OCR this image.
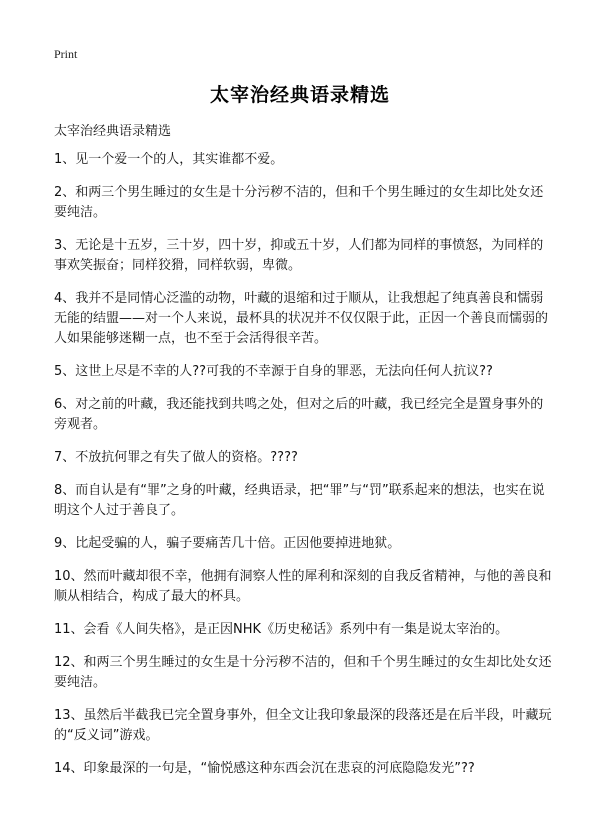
Print
太宰治经典语录精选

太宰治经典语录精选

1、见一个爱一个的人，其实谁都不爱。
2、和两三个男生睡过的女生是十分污秽不洁的，但和千个男生睡过的女生却比处女还要纯洁。
3、无论是十五岁，三十岁，四十岁，抑或五十岁，人们都为同样的事愤怒，为同样的事欢笑振奋；同样狡猾，同样软弱，卑微。
4、我并不是同情心泛滥的动物，叶藏的退缩和过于顺从，让我想起了纯真善良和懦弱无能的结盟——对一个人来说，最杯具的状况并不仅仅限于此，正因一个善良而懦弱的人如果能够迷糊一点，也不至于会活得很辛苦。
5、这世上尽是不幸的人??可我的不幸源于自身的罪恶，无法向任何人抗议??
6、对之前的叶藏，我还能找到共鸣之处，但对之后的叶藏，我已经完全是置身事外的旁观者。
7、不放抗何罪之有失了做人的资格。????
8、而自认是有“罪”之身的叶藏，经典语录，把“罪”与“罚”联系起来的想法，也实在说明这个人过于善良了。
9、比起受骗的人，骗子要痛苦几十倍。正因他要掉进地狱。
10、然而叶藏却很不幸，他拥有洞察人性的犀利和深刻的自我反省精神，与他的善良和顺从相结合，构成了最大的杯具。
11、会看《人间失格》，是正因NHK《历史秘话》系列中有一集是说太宰治的。
12、和两三个男生睡过的女生是十分污秽不洁的，但和千个男生睡过的女生却比处女还要纯洁。
13、虽然后半截我已完全置身事外，但全文让我印象最深的段落还是在后半段，叶藏玩的“反义词”游戏。
14、印象最深的一句是，“愉悦感这种东西会沉在悲哀的河底隐隐发光”??
